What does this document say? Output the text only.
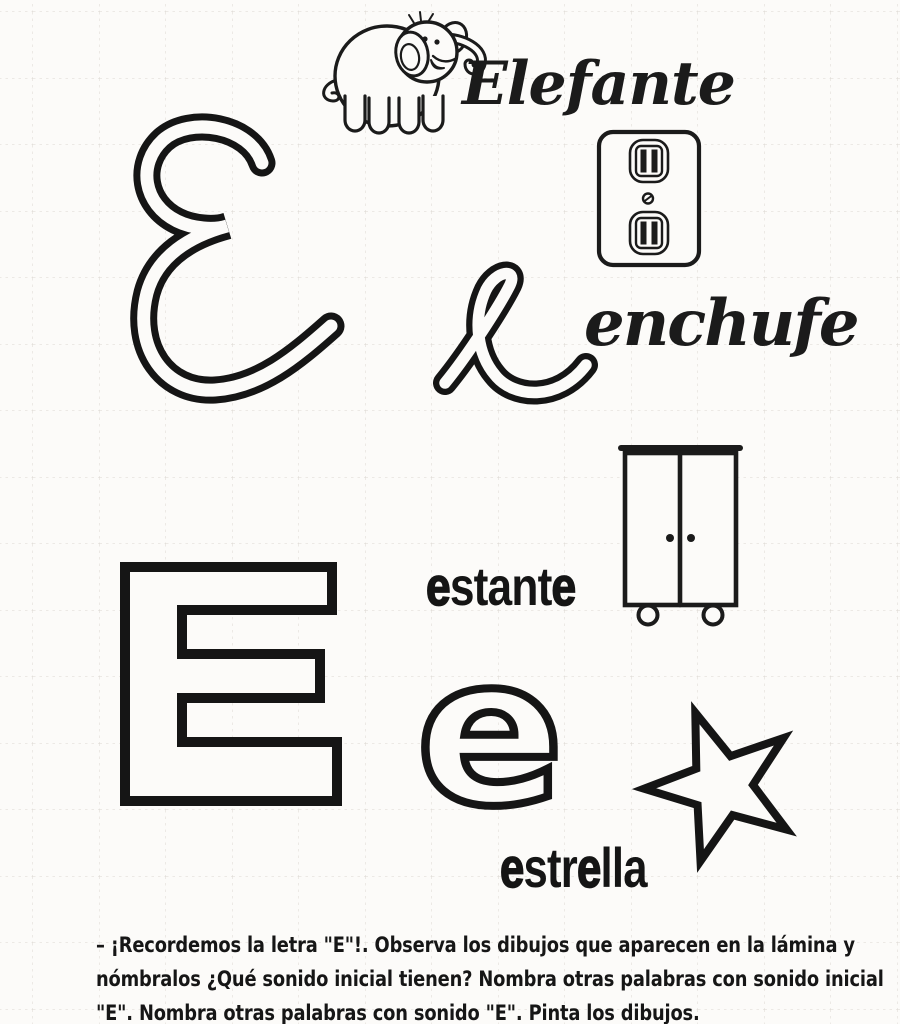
Elefante
enchufe
estante
e
estrella
– ¡Recordemos la letra "E"!. Observa los dibujos que aparecen en la lámina y
nómbralos ¿Qué sonido inicial tienen? Nombra otras palabras con sonido inicial
"E". Nombra otras palabras con sonido "E". Pinta los dibujos.
